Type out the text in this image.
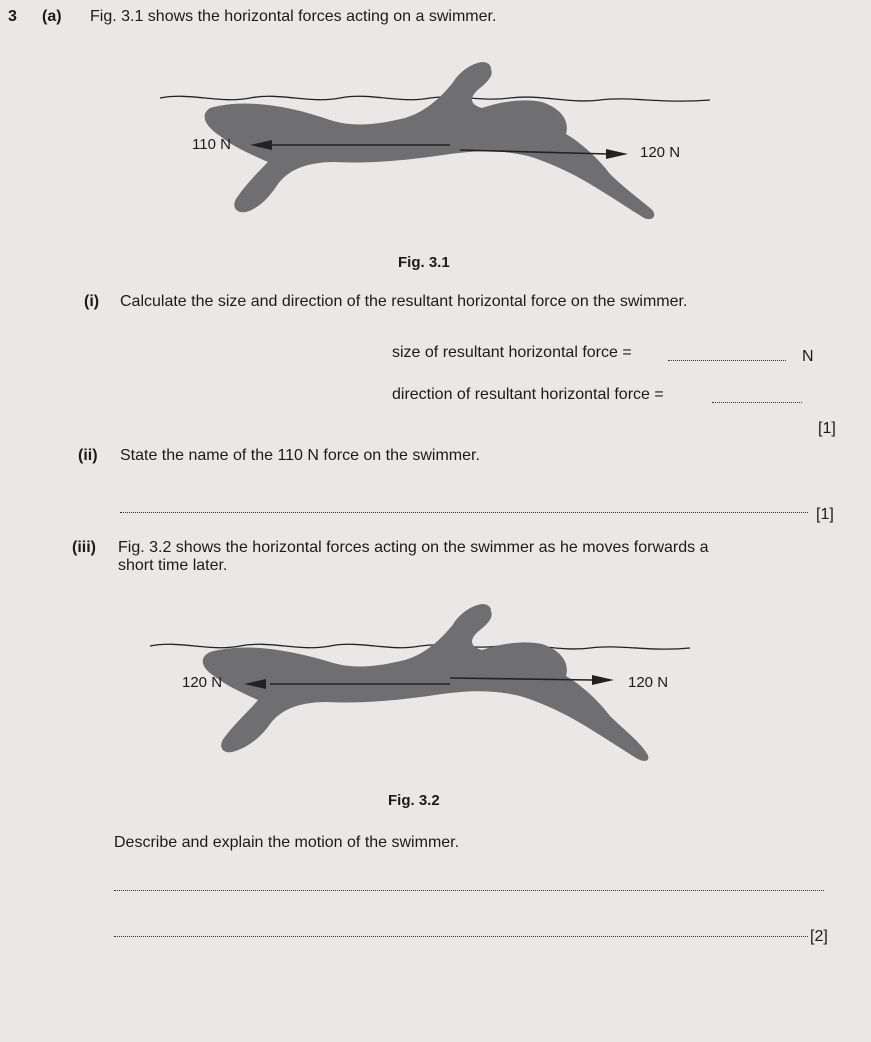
3 (a) Fig. 3.1 shows the horizontal forces acting on a swimmer.
110 N	120 N
Fig. 3.1
(i) Calculate the size and direction of the resultant horizontal force on the swimmer.
size of resultant horizontal force =	N
direction of resultant horizontal force =
[1]
(ii) State the name of the 110 N force on the swimmer.
[1]
(iii) Fig. 3.2 shows the horizontal forces acting on the swimmer as he moves forwards a
short time later.
120 N	120 N
Fig. 3.2
Describe and explain the motion of the swimmer.
[2]
